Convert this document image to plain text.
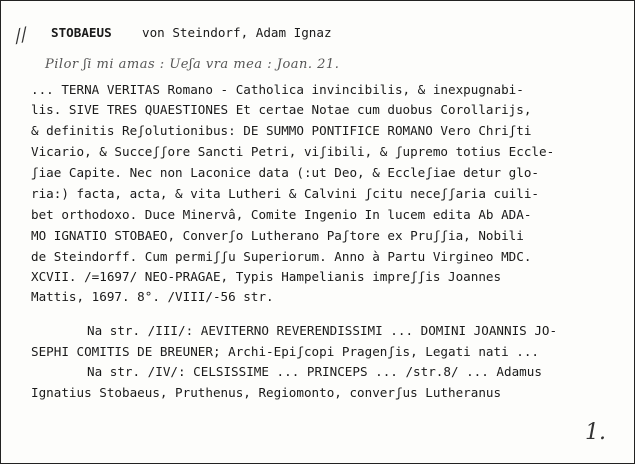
// STOBAEUS von Steindorf, Adam Ignaz
Pilor ʃi mi amas : Ueʃa vra mea : Joan. 21.
... TERNA VERITAS Romano - Catholica invincibilis, & inexpugnabi-
lis. SIVE TRES QUAESTIONES Et certae Notae cum duobus Corollarijs,
& definitis Reʃolutionibus: DE SUMMO PONTIFICE ROMANO Vero Chriʃti
Vicario, & Succeʃʃore Sancti Petri, viʃibili, & ʃupremo totius Eccle-
ʃiae Capite. Nec non Laconice data (:ut Deo, & Eccleʃiae detur glo-
ria:) facta, acta, & vita Lutheri & Calvini ʃcitu neceʃʃaria cuili-
bet orthodoxo. Duce Minervâ, Comite Ingenio In lucem edita Ab ADA-
MO IGNATIO STOBAEO, Converʃo Lutherano Paʃtore ex Pruʃʃia, Nobili
de Steindorff. Cum permiʃʃu Superiorum. Anno à Partu Virgineo MDC.
XCVII. /=1697/ NEO-PRAGAE, Typis Hampelianis impreʃʃis Joannes
Mattis, 1697. 8°. /VIII/-56 str.
Na str. /III/: AEVITERNO REVERENDISSIMI ... DOMINI JOANNIS JO-
SEPHI COMITIS DE BREUNER; Archi-Epiʃcopi Pragenʃis, Legati nati ...
Na str. /IV/: CELSISSIME ... PRINCEPS ... /str.8/ ... Adamus
Ignatius Stobaeus, Pruthenus, Regiomonto, converʃus Lutheranus
1.
